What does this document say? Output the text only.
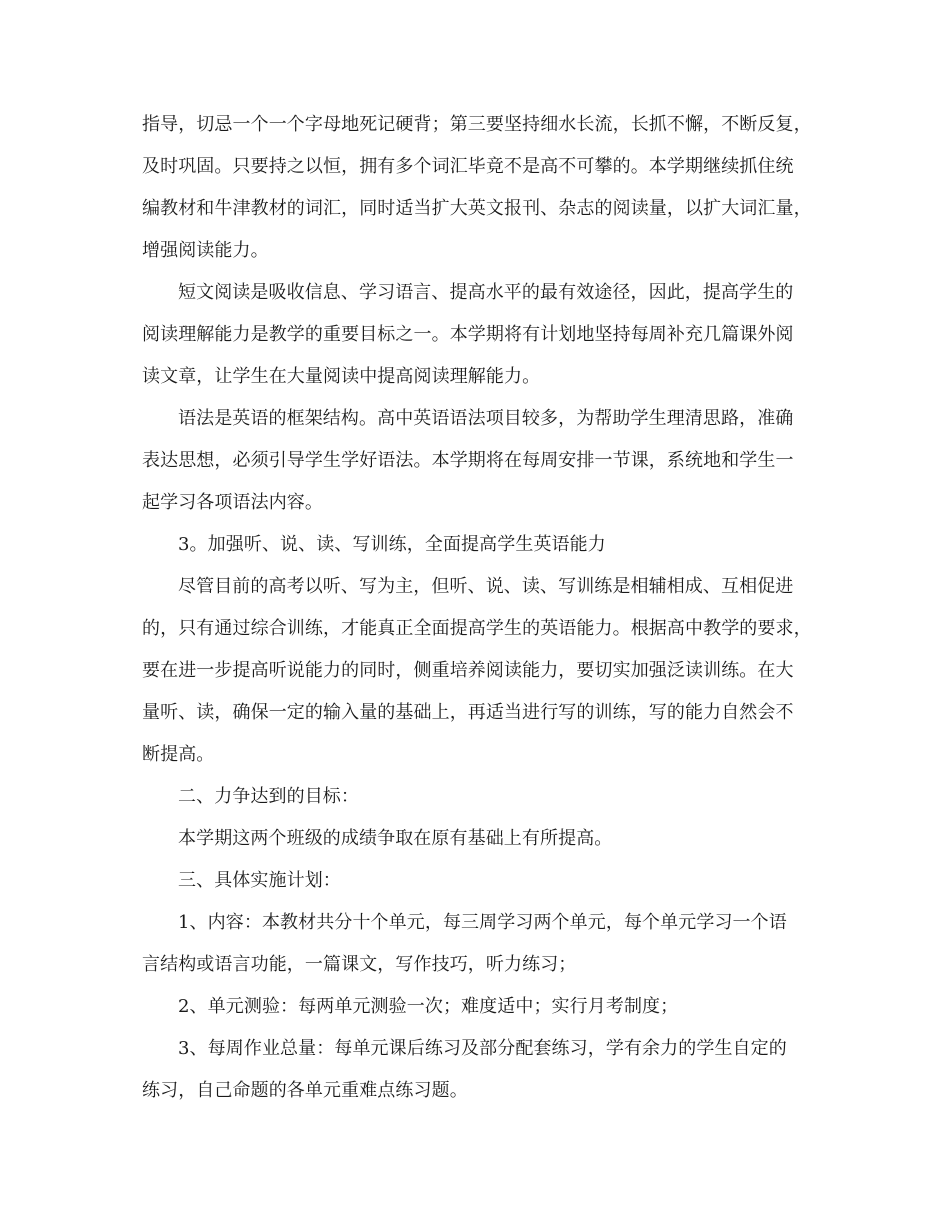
指导，切忌一个一个字母地死记硬背；第三要坚持细水长流，长抓不懈，不断反复，
及时巩固。只要持之以恒，拥有多个词汇毕竟不是高不可攀的。本学期继续抓住统
编教材和牛津教材的词汇，同时适当扩大英文报刊、杂志的阅读量，以扩大词汇量，
增强阅读能力。
短文阅读是吸收信息、学习语言、提高水平的最有效途径，因此，提高学生的
阅读理解能力是教学的重要目标之一。本学期将有计划地坚持每周补充几篇课外阅
读文章，让学生在大量阅读中提高阅读理解能力。
语法是英语的框架结构。高中英语语法项目较多，为帮助学生理清思路，准确
表达思想，必须引导学生学好语法。本学期将在每周安排一节课，系统地和学生一
起学习各项语法内容。
3。加强听、说、读、写训练，全面提高学生英语能力
尽管目前的高考以听、写为主，但听、说、读、写训练是相辅相成、互相促进
的，只有通过综合训练，才能真正全面提高学生的英语能力。根据高中教学的要求，
要在进一步提高听说能力的同时，侧重培养阅读能力，要切实加强泛读训练。在大
量听、读，确保一定的输入量的基础上，再适当进行写的训练，写的能力自然会不
断提高。
二、力争达到的目标：
本学期这两个班级的成绩争取在原有基础上有所提高。
三、具体实施计划：
1、内容：本教材共分十个单元，每三周学习两个单元，每个单元学习一个语
言结构或语言功能，一篇课文，写作技巧，听力练习；
2、单元测验：每两单元测验一次；难度适中；实行月考制度；
3、每周作业总量：每单元课后练习及部分配套练习，学有余力的学生自定的
练习，自己命题的各单元重难点练习题。
